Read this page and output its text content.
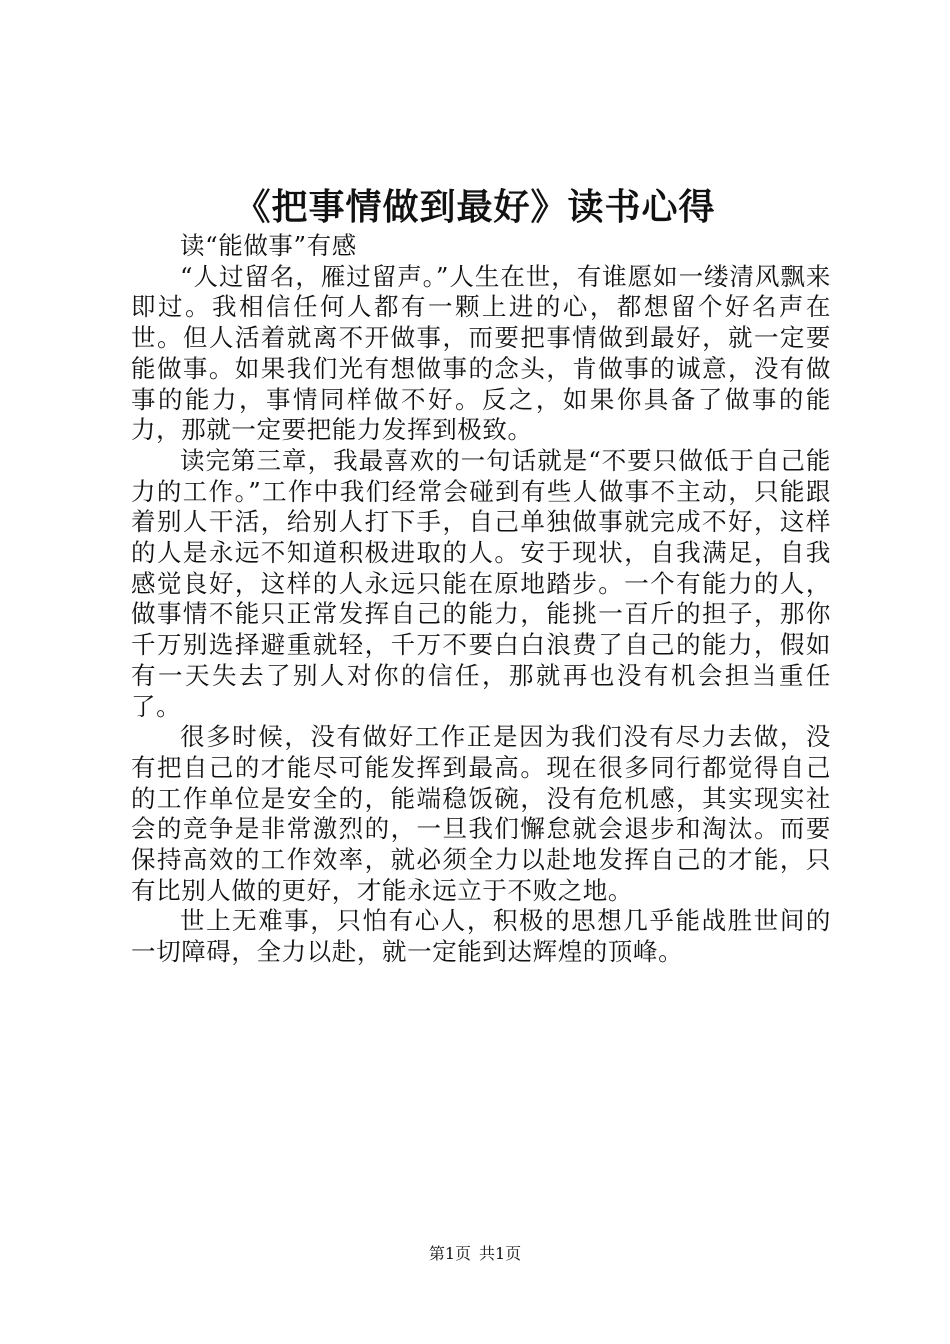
《把事情做到最好》读书心得

读“能做事”有感

“人过留名，雁过留声。”人生在世，有谁愿如一缕清风飘来即过。我相信任何人都有一颗上进的心，都想留个好名声在世。但人活着就离不开做事，而要把事情做到最好，就一定要能做事。如果我们光有想做事的念头，肯做事的诚意，没有做事的能力，事情同样做不好。反之，如果你具备了做事的能力，那就一定要把能力发挥到极致。

读完第三章，我最喜欢的一句话就是“不要只做低于自己能力的工作。”工作中我们经常会碰到有些人做事不主动，只能跟着别人干活，给别人打下手，自己单独做事就完成不好，这样的人是永远不知道积极进取的人。安于现状，自我满足，自我感觉良好，这样的人永远只能在原地踏步。一个有能力的人，做事情不能只正常发挥自己的能力，能挑一百斤的担子，那你千万别选择避重就轻，千万不要白白浪费了自己的能力，假如有一天失去了别人对你的信任，那就再也没有机会担当重任了。

很多时候，没有做好工作正是因为我们没有尽力去做，没有把自己的才能尽可能发挥到最高。现在很多同行都觉得自己的工作单位是安全的，能端稳饭碗，没有危机感，其实现实社会的竞争是非常激烈的，一旦我们懈怠就会退步和淘汰。而要保持高效的工作效率，就必须全力以赴地发挥自己的才能，只有比别人做的更好，才能永远立于不败之地。

世上无难事，只怕有心人，积极的思想几乎能战胜世间的一切障碍，全力以赴，就一定能到达辉煌的顶峰。

第1页 共1页
